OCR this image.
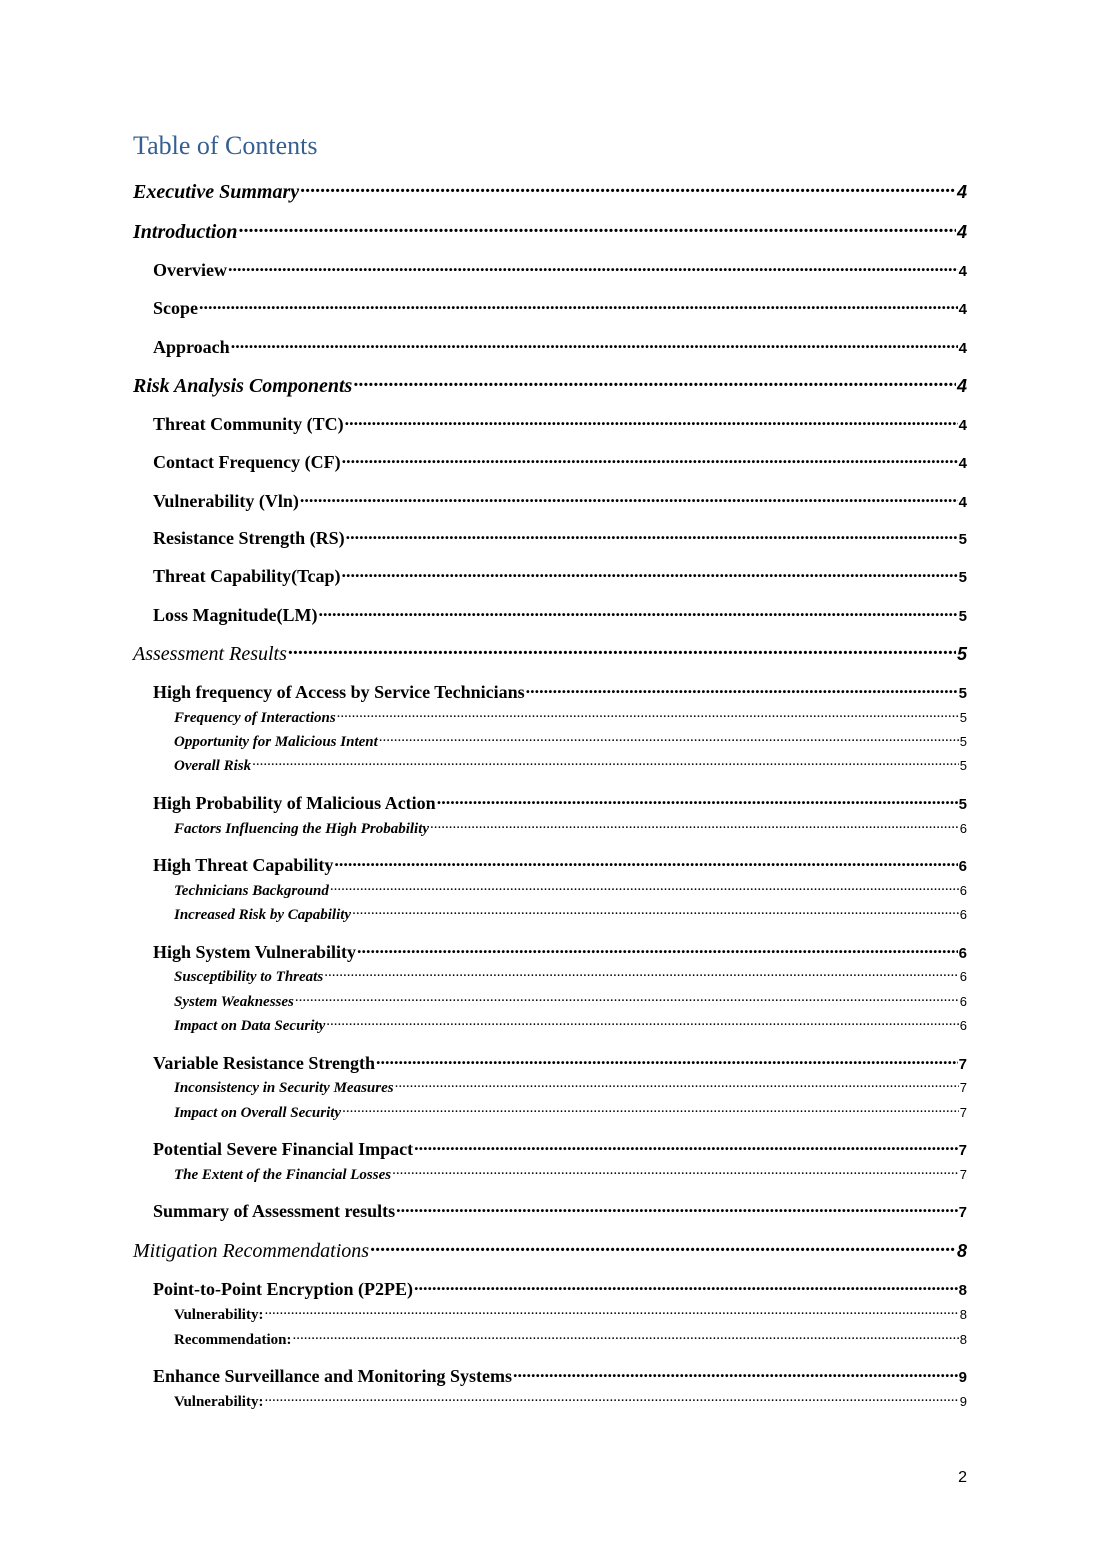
Table of Contents
Executive Summary .....	4
Introduction .....	4
Overview .....	4
Scope .....	4
Approach .....	4
Risk Analysis Components .....	4
Threat Community (TC) .....	4
Contact Frequency (CF) .....	4
Vulnerability (Vln) .....	4
Resistance Strength (RS) .....	5
Threat Capability(Tcap) .....	5
Loss Magnitude(LM) .....	5
Assessment Results .....	5
High frequency of Access by Service Technicians .....	5
Frequency of Interactions .....	5
Opportunity for Malicious Intent .....	5
Overall Risk .....	5
High Probability of Malicious Action .....	5
Factors Influencing the High Probability .....	6
High Threat Capability .....	6
Technicians Background .....	6
Increased Risk by Capability .....	6
High System Vulnerability .....	6
Susceptibility to Threats .....	6
System Weaknesses .....	6
Impact on Data Security .....	6
Variable Resistance Strength .....	7
Inconsistency in Security Measures .....	7
Impact on Overall Security .....	7
Potential Severe Financial Impact .....	7
The Extent of the Financial Losses .....	7
Summary of Assessment results .....	7
Mitigation Recommendations .....	8
Point-to-Point Encryption (P2PE) .....	8
Vulnerability: .....	8
Recommendation: .....	8
Enhance Surveillance and Monitoring Systems .....	9
Vulnerability: .....	9
2
